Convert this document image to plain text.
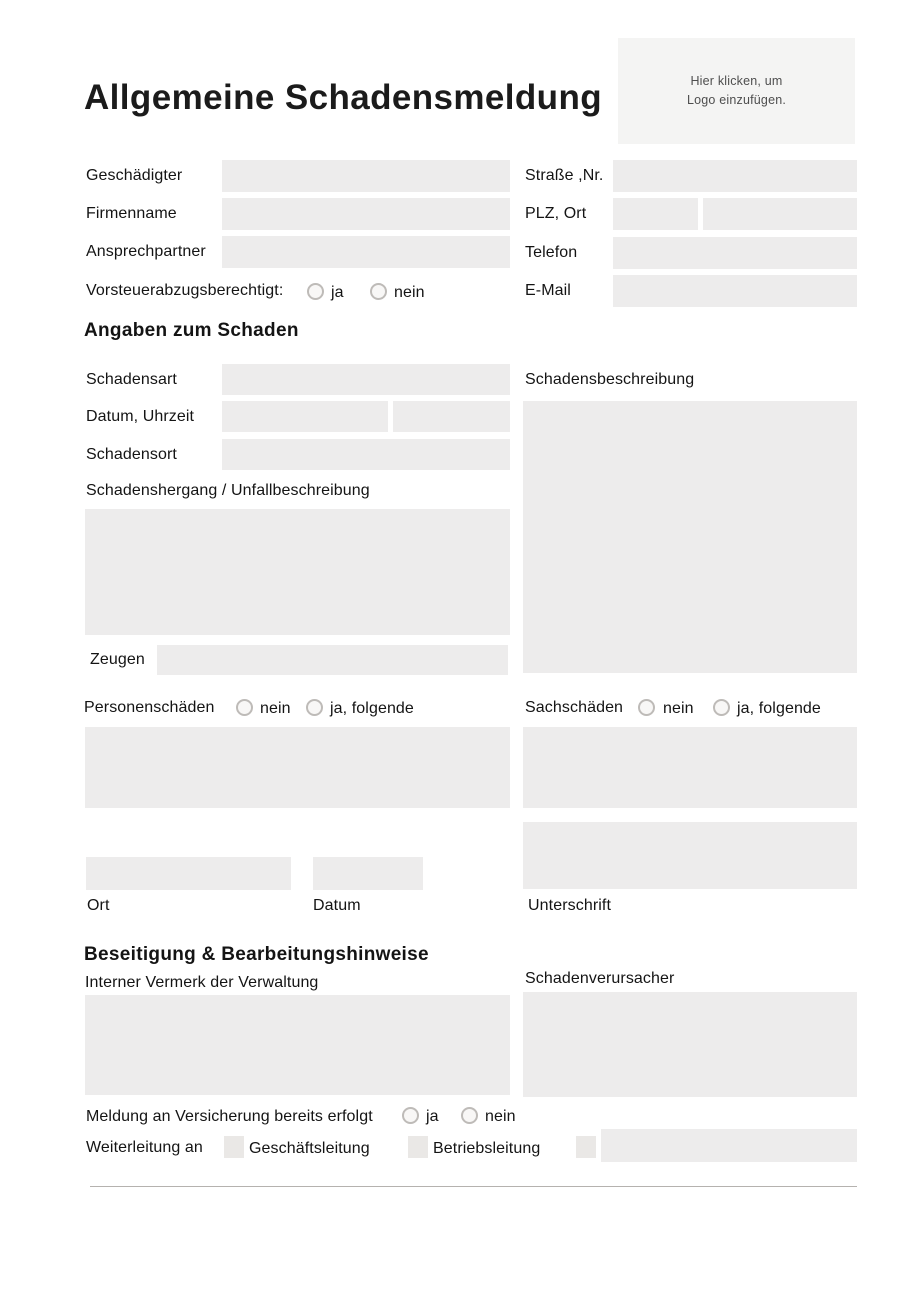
Allgemeine Schadensmeldung	Hier klicken, um
Logo einzufügen.
Geschädigter
Firmenname
Ansprechpartner
Vorsteuerabzugsberechtigt:	ja	nein
Straße ,Nr.
PLZ, Ort
Telefon
E-Mail
Angaben zum Schaden
Schadensart
Datum, Uhrzeit
Schadensort
Schadenshergang / Unfallbeschreibung
Zeugen
Schadensbeschreibung
Personenschäden	nein ja, folgende	Sachschäden nein	ja, folgende
Ort	Datum	Unterschrift
Beseitigung & Bearbeitungshinweise
Interner Vermerk der Verwaltung	Schadenverursacher
Meldung an Versicherung bereits erfolgt	ja	nein
Weiterleitung an	Geschäftsleitung	Betriebsleitung
